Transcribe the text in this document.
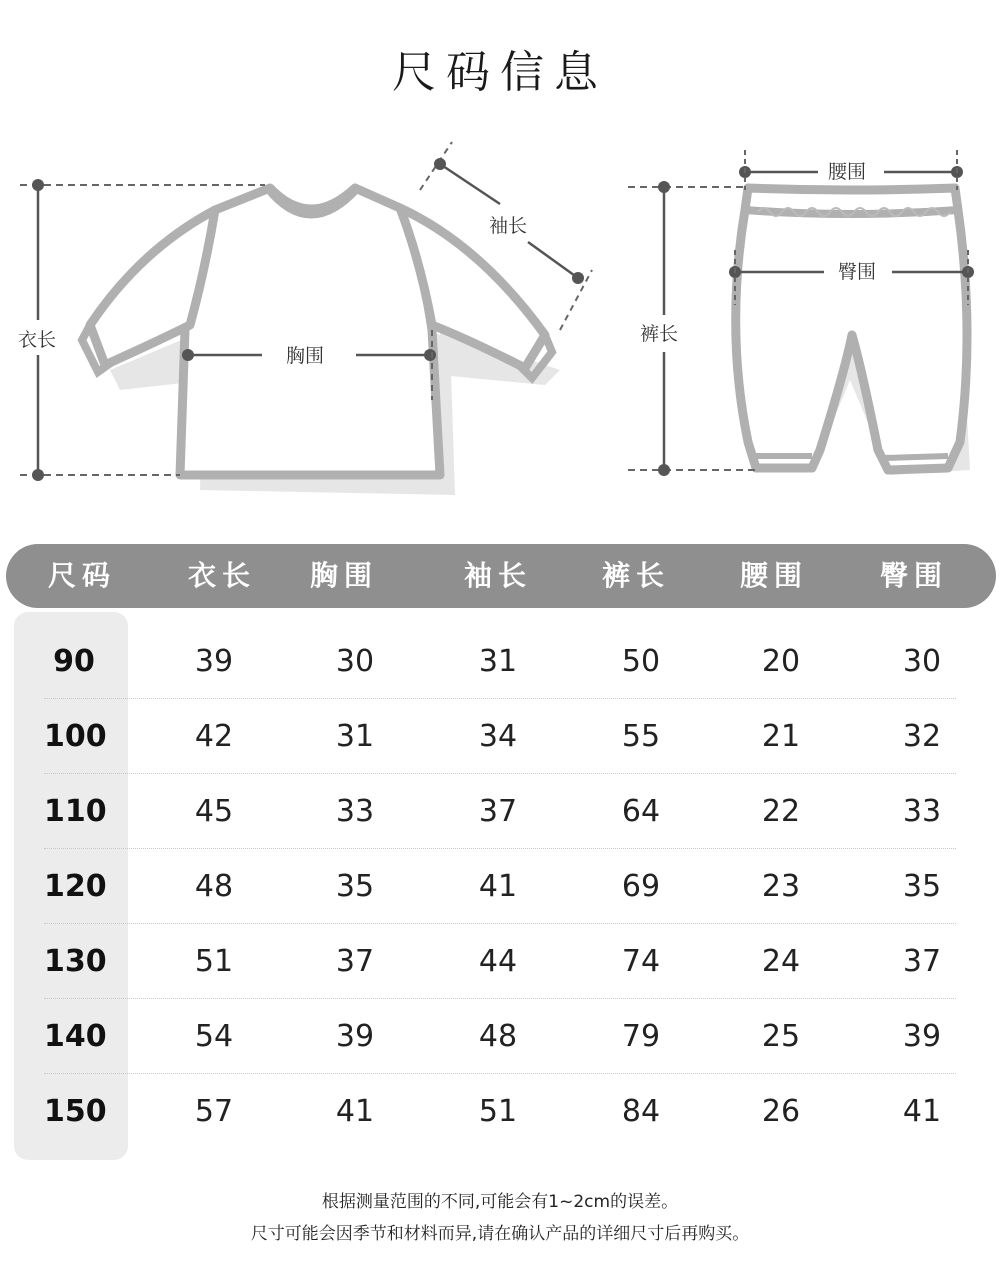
尺码信息
衣长
胸围
袖长
腰围
臀围
裤长
尺码	衣长	胸围	袖长	裤长	腰围	臀围
90	39	30	31	50	20	30
100	42	31	34	55	21	32
110	45	33	37	64	22	33
120	48	35	41	69	23	35
130	51	37	44	74	24	37
140	54	39	48	79	25	39
150	57	41	51	84	26	41
根据测量范围的不同,可能会有1~2cm的误差。
尺寸可能会因季节和材料而异,请在确认产品的详细尺寸后再购买。
